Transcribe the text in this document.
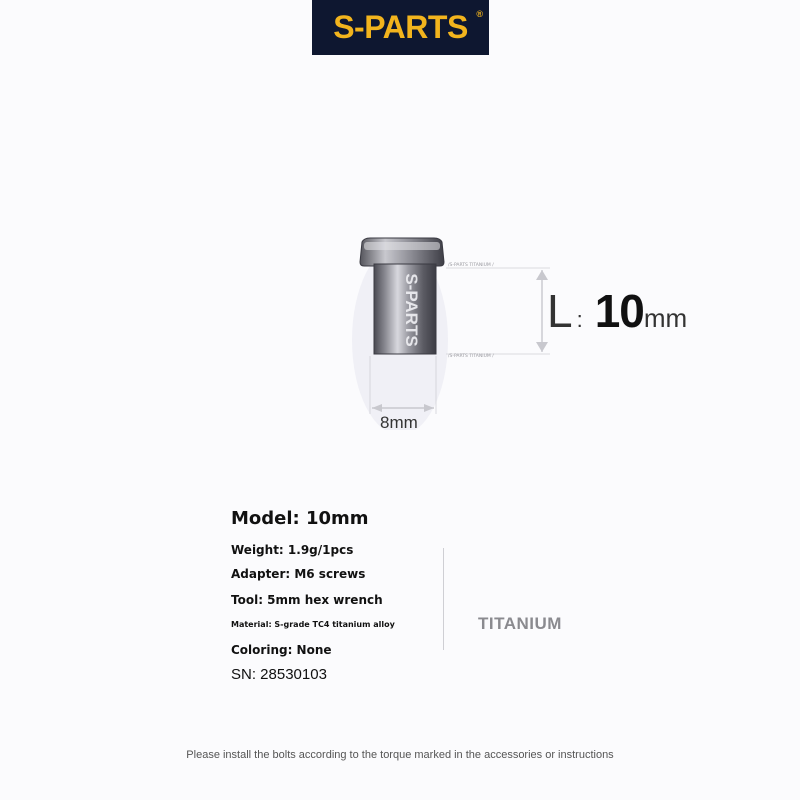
S-PARTS ®
S-PARTS
/S-PARTS TITANIUM /
/S-PARTS TITANIUM /
L : 10 mm
8mm
Model: 10mm
Weight: 1.9g/1pcs
Adapter: M6 screws
Tool: 5mm hex wrench
Material: S-grade TC4 titanium alloy
Coloring: None
SN: 28530103
TITANIUM
Please install the bolts according to the torque marked in the accessories or instructions
